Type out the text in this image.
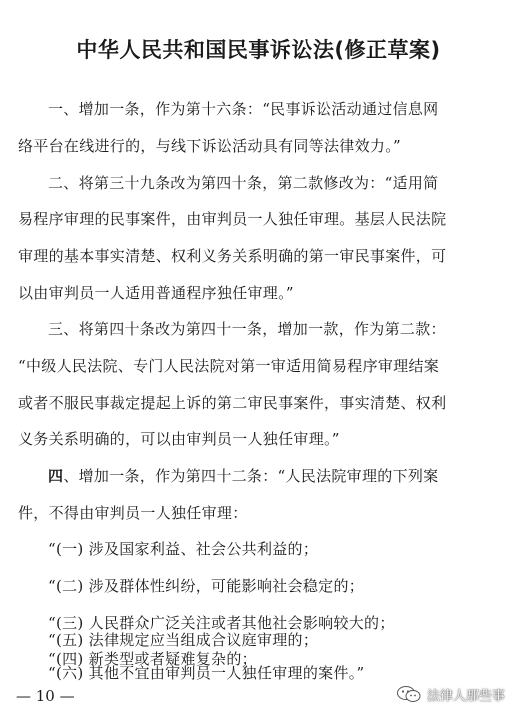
中华人民共和国民事诉讼法(修正草案)
一、增加一条，作为第十六条：“民事诉讼活动通过信息网
络平台在线进行的，与线下诉讼活动具有同等法律效力。”
二、将第三十九条改为第四十条，第二款修改为：“适用简
易程序审理的民事案件，由审判员一人独任审理。基层人民法院
审理的基本事实清楚、权利义务关系明确的第一审民事案件，可
以由审判员一人适用普通程序独任审理。”
三、将第四十条改为第四十一条，增加一款，作为第二款：
“中级人民法院、专门人民法院对第一审适用简易程序审理结案
或者不服民事裁定提起上诉的第二审民事案件，事实清楚、权利
义务关系明确的，可以由审判员一人独任审理。”
四、增加一条，作为第四十二条：“人民法院审理的下列案
件，不得由审判员一人独任审理：
“(一) 涉及国家利益、社会公共利益的；
“(二) 涉及群体性纠纷，可能影响社会稳定的；
“(三) 人民群众广泛关注或者其他社会影响较大的；
“(四) 新类型或者疑难复杂的；
— 10 —	法律人那些事
“(五) 法律规定应当组成合议庭审理的；
“(六) 其他不宜由审判员一人独任审理的案件。”
